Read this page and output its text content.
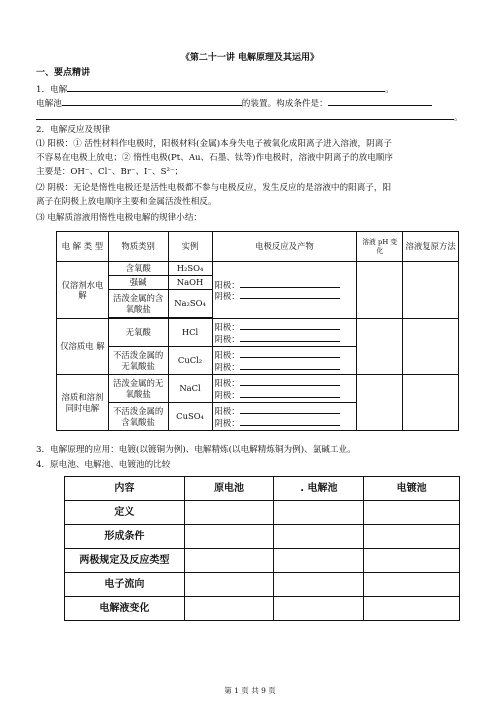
《第二十一讲 电解原理及其运用》
一、要点精讲
1．电解	。
电解池	的装置。构成条件是：
。
2．电解反应及规律
⑴ 阳极：① 活性材料作电极时，阳极材料(金属)本身失电子被氧化成阳离子进入溶液，阴离子
不容易在电极上放电；② 惰性电极(Pt、Au、石墨、钛等)作电极时，溶液中阴离子的放电顺序
主要是：OH⁻、Cl⁻、Br⁻、I⁻、S²⁻；
⑵ 阴极：无论是惰性电极还是活性电极都不参与电极反应，发生反应的是溶液中的阳离子，阳
离子在阴极上放电顺序主要和金属活泼性相反。
⑶ 电解质溶液用惰性电极电解的规律小结：
电 解 类 型	物质类别	实例	电极反应及产物	溶液 pH 变 化	溶液复原方法
仅溶剂水电解	含氧酸	H₂SO₄	阳极：
阴极：		

	强碱	NaOH			
	活泼金属的含氧酸盐	Na₂SO₄			

仅溶质电 解	无氧酸	HCl	阳极：
阴极：		

	不活泼金属的无氧酸盐	CuCl₂	阳极：
阴极：		

溶质和溶剂同时电解	活泼金属的无氧酸盐	NaCl	阳极：
阴极：		

	不活泼金属的含氧酸盐	CuSO₄	阳极：
阴极：		
3．电解原理的应用：电镀(以镀铜为例)、电解精炼(以电解精炼铜为例)、氯碱工业。
4．原电池、电解池、电镀池的比较
内容	原电池	. 电解池	电镀池
定义			
形成条件			
两极规定及反应类型			
电子流向			
电解液变化			
第 1 页 共 9 页
